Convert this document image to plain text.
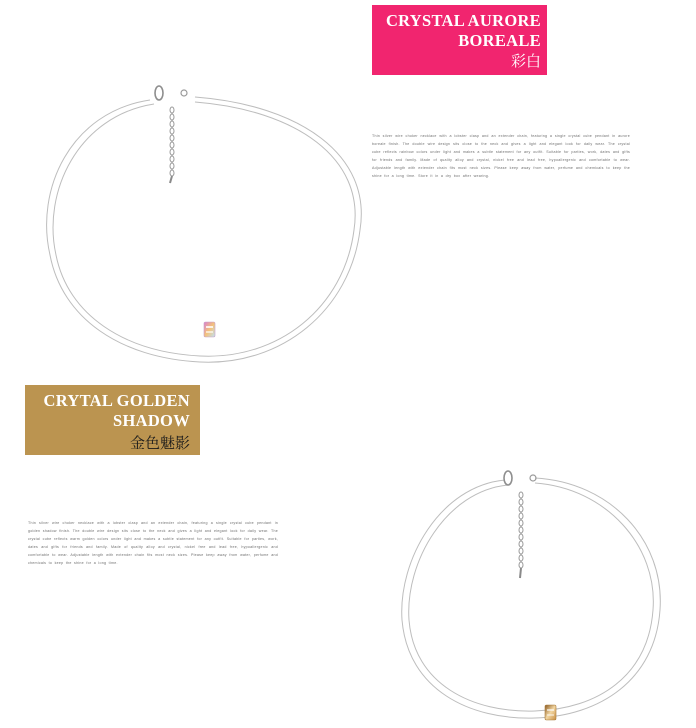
CRYSTAL AURORE
BOREALE
彩白
Thin silver wire choker necklace with a lobster clasp and an extender chain, featuring a single crystal cube pendant in aurore boreale finish. The double wire design sits close to the neck and gives a light and elegant look for daily wear. The crystal cube reflects rainbow colors under light and makes a subtle statement for any outfit. Suitable for parties, work, dates and gifts for friends and family. Made of quality alloy and crystal, nickel free and lead free, hypoallergenic and comfortable to wear. Adjustable length with extender chain fits most neck sizes. Please keep away from water, perfume and chemicals to keep the shine for a long time. Store it in a dry box after wearing.
CRYTAL GOLDEN
SHADOW
金色魅影
Thin silver wire choker necklace with a lobster clasp and an extender chain, featuring a single crystal cube pendant in golden shadow finish. The double wire design sits close to the neck and gives a light and elegant look for daily wear. The crystal cube reflects warm golden colors under light and makes a subtle statement for any outfit. Suitable for parties, work, dates and gifts for friends and family. Made of quality alloy and crystal, nickel free and lead free, hypoallergenic and comfortable to wear. Adjustable length with extender chain fits most neck sizes. Please keep away from water, perfume and chemicals to keep the shine for a long time.
